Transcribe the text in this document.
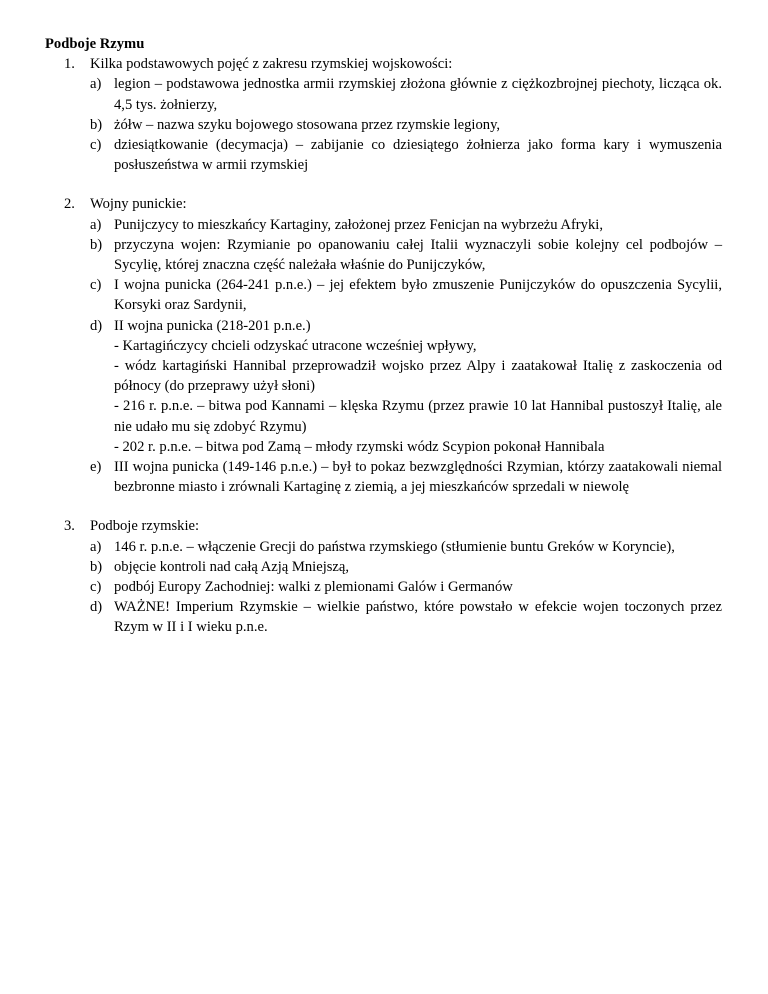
Podboje Rzymu

1.	Kilka podstawowych pojęć z zakresu rzymskiej wojskowości:
a) legion – podstawowa jednostka armii rzymskiej złożona głównie z ciężkozbrojnej piechoty, licząca ok. 4,5 tys. żołnierzy,
b) żółw – nazwa szyku bojowego stosowana przez rzymskie legiony,
c) dziesiątkowanie (decymacja) – zabijanie co dziesiątego żołnierza jako forma kary i wymuszenia posłuszeństwa w armii rzymskiej
2.	Wojny punickie:
a) Punijczycy to mieszkańcy Kartaginy, założonej przez Fenicjan na wybrzeżu Afryki,
b) przyczyna wojen: Rzymianie po opanowaniu całej Italii wyznaczyli sobie kolejny cel podbojów – Sycylię, której znaczna część należała właśnie do Punijczyków,
c) I wojna punicka (264-241 p.n.e.) – jej efektem było zmuszenie Punijczyków do opuszczenia Sycylii, Korsyki oraz Sardynii,
d) II wojna punicka (218-201 p.n.e.)
- Kartagińczycy chcieli odzyskać utracone wcześniej wpływy,
- wódz kartagiński Hannibal przeprowadził wojsko przez Alpy i zaatakował Italię z zaskoczenia od północy (do przeprawy użył słoni)
- 216 r. p.n.e. – bitwa pod Kannami – klęska Rzymu (przez prawie 10 lat Hannibal pustoszył Italię, ale nie udało mu się zdobyć Rzymu)
- 202 r. p.n.e. – bitwa pod Zamą – młody rzymski wódz Scypion pokonał Hannibala
e) III wojna punicka (149-146 p.n.e.) – był to pokaz bezwzględności Rzymian, którzy zaatakowali niemal bezbronne miasto i zrównali Kartaginę z ziemią, a jej mieszkańców sprzedali w niewolę
3.	Podboje rzymskie:
a) 146 r. p.n.e. – włączenie Grecji do państwa rzymskiego (stłumienie buntu Greków w Koryncie),
b) objęcie kontroli nad całą Azją Mniejszą,
c) podbój Europy Zachodniej: walki z plemionami Galów i Germanów
d) WAŻNE! Imperium Rzymskie – wielkie państwo, które powstało w efekcie wojen toczonych przez Rzym w II i I wieku p.n.e.
